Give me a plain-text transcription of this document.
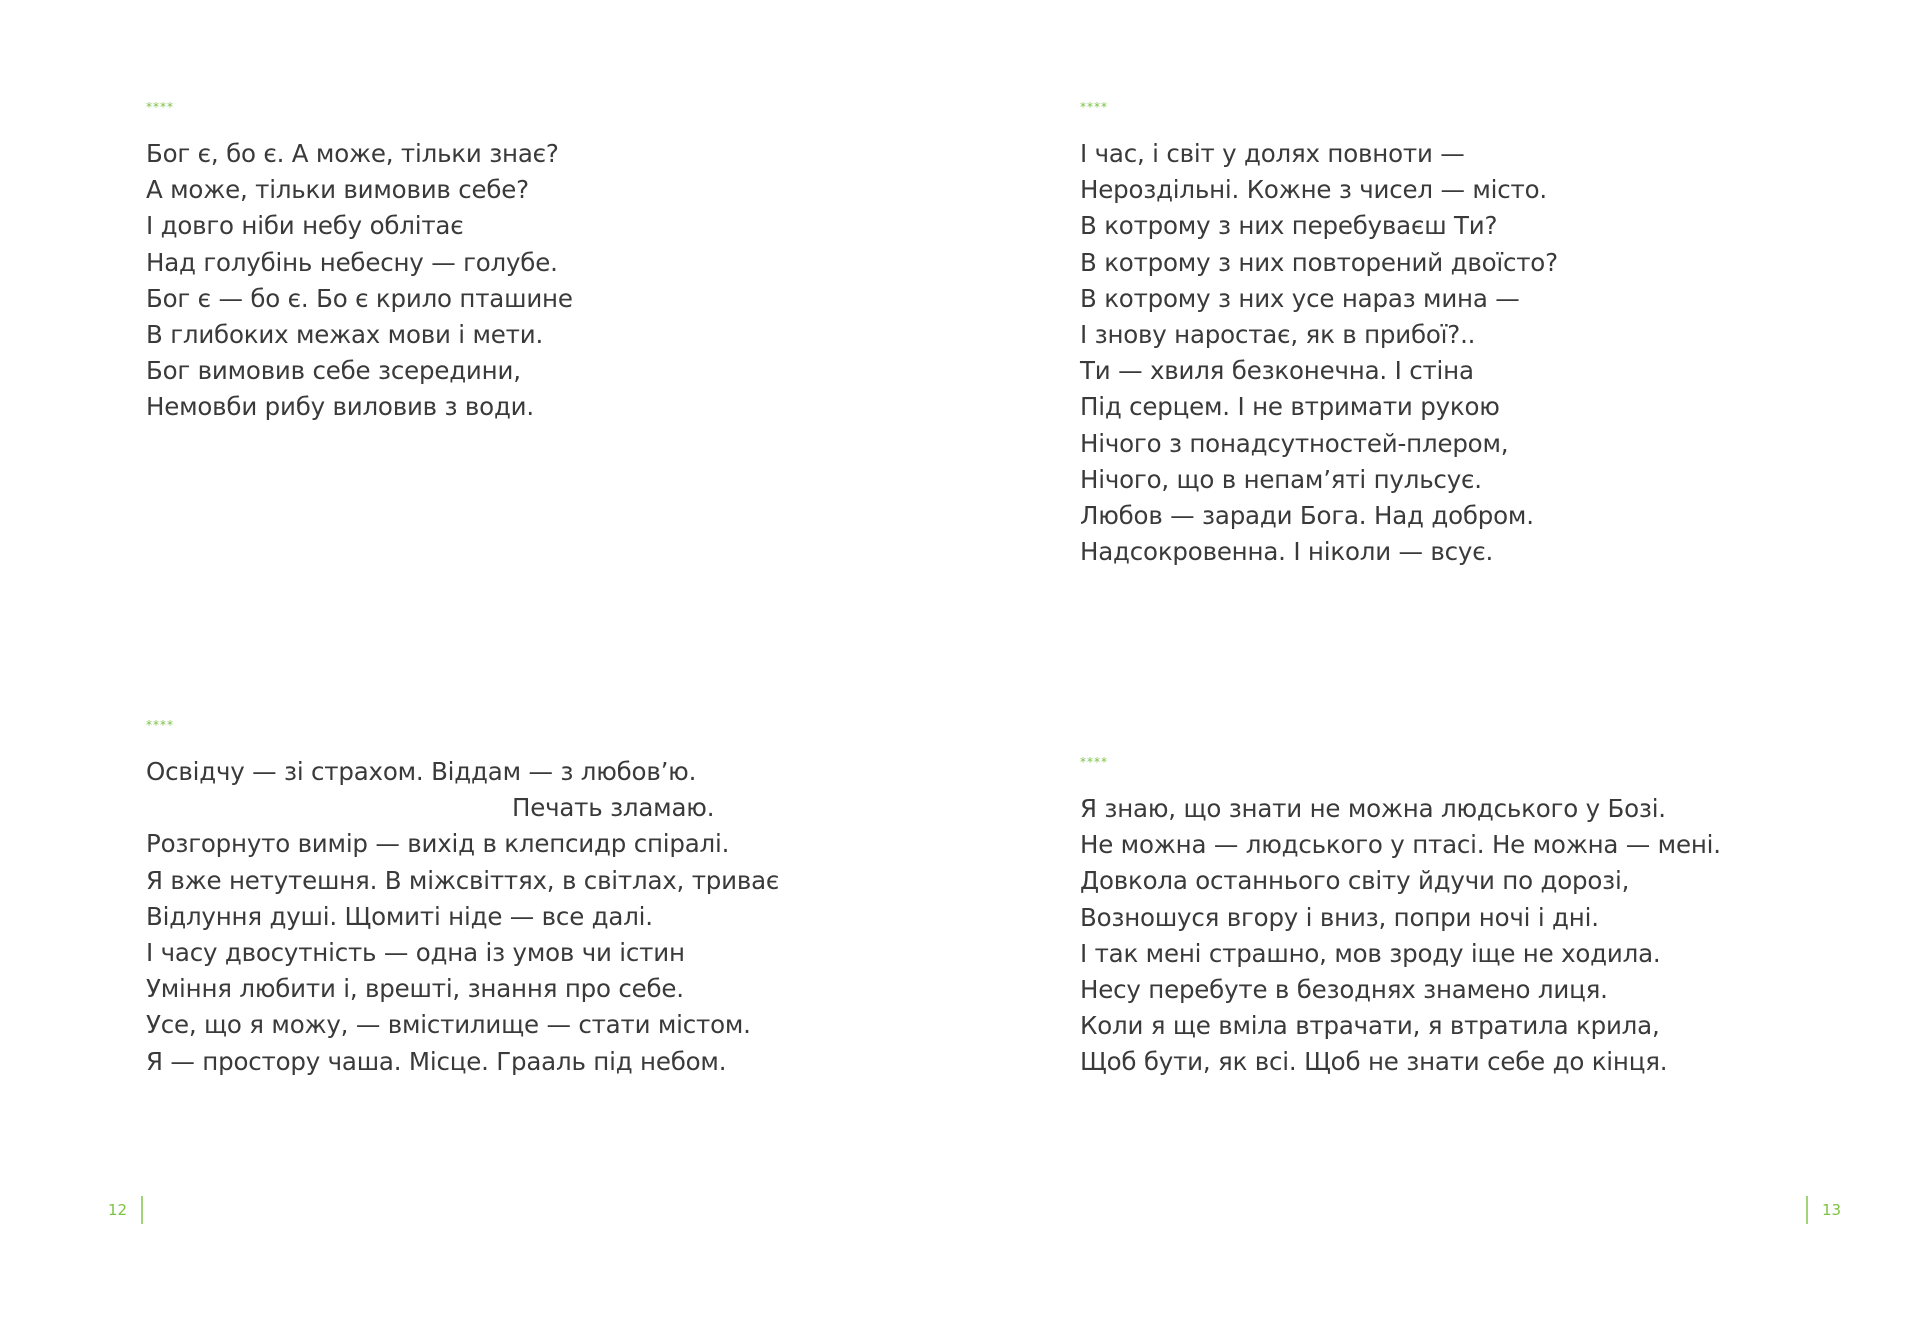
****
Бог є, бо є. А може, тільки знає?
А може, тільки вимовив себе?
І довго ніби небу облітає
Над голубінь небесну — голубе.
Бог є — бо є. Бо є крило пташине
В глибоких межах мови і мети.
Бог вимовив себе зсередини,
Немовби рибу виловив з води.
****
Освідчу — зі страхом. Віддам — з любов’ю.
Печать зламаю.
Розгорнуто вимір — вихід в клепсидр спіралі.
Я вже нетутешня. В міжсвіттях, в світлах, триває
Відлуння душі. Щомиті ніде — все далі.
І часу двосутність — одна із умов чи істин
Уміння любити і, врешті, знання про себе.
Усе, що я можу, — вмістилище — стати містом.
Я — простору чаша. Місце. Грааль під небом.
12
****
І час, і світ у долях повноти —
Нероздільні. Кожне з чисел — місто.
В котрому з них перебуваєш Ти?
В котрому з них повторений двоїсто?
В котрому з них усе нараз мина —
І знову наростає, як в прибої?..
Ти — хвиля безконечна. І стіна
Під серцем. І не втримати рукою
Нічого з понадсутностей-плером,
Нічого, що в непам’яті пульсує.
Любов — заради Бога. Над добром.
Надсокровенна. І ніколи — всує.
****
Я знаю, що знати не можна людського у Бозі.
Не можна — людського у птасі. Не можна — мені.
Довкола останнього світу йдучи по дорозі,
Возношуся вгору і вниз, попри ночі і дні.
І так мені страшно, мов зроду іще не ходила.
Несу перебуте в безоднях знамено лиця.
Коли я ще вміла втрачати, я втратила крила,
Щоб бути, як всі. Щоб не знати себе до кінця.
13
